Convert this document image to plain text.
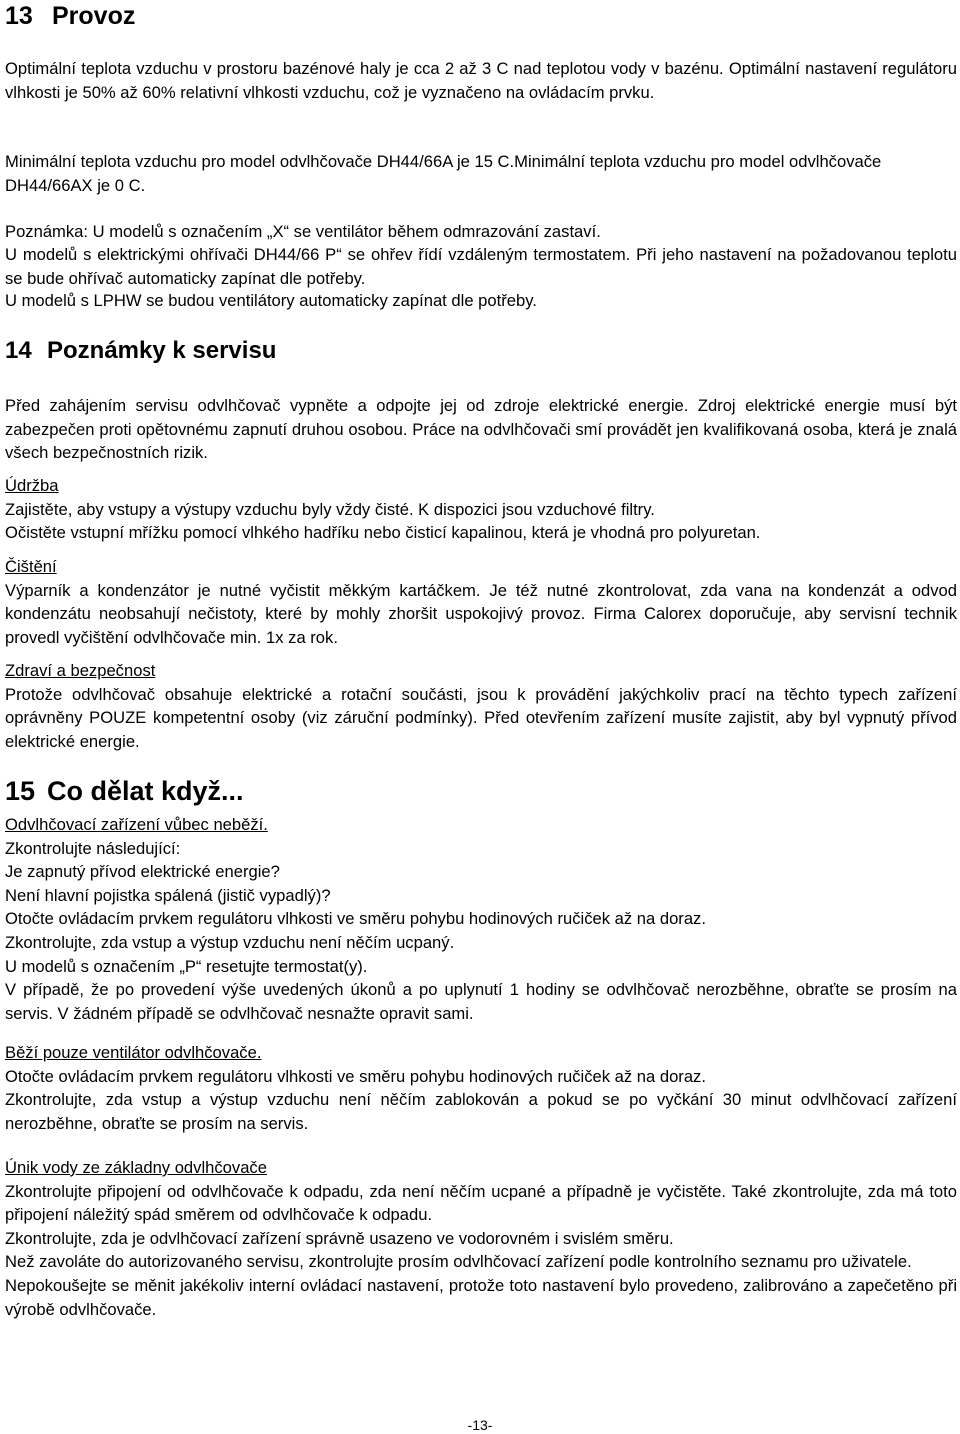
13 Provoz

Optimální teplota vzduchu v prostoru bazénové haly je cca 2 až 3 C nad teplotou vody v bazénu. Optimální nastavení regulátoru vlhkosti je 50% až 60% relativní vlhkosti vzduchu, což je vyznačeno na ovládacím prvku.

Minimální teplota vzduchu pro model odvlhčovače DH44/66A je 15 C.Minimální teplota vzduchu pro model odvlhčovače DH44/66AX je 0 C.

Poznámka: U modelů s označením „X“ se ventilátor během odmrazování zastaví.

U modelů s elektrickými ohřívači DH44/66 P“ se ohřev řídí vzdáleným termostatem. Při jeho nastavení na požadovanou teplotu se bude ohřívač automaticky zapínat dle potřeby.

U modelů s LPHW se budou ventilátory automaticky zapínat dle potřeby.

14 Poznámky k servisu

Před zahájením servisu odvlhčovač vypněte a odpojte jej od zdroje elektrické energie. Zdroj elektrické energie musí být zabezpečen proti opětovnému zapnutí druhou osobou. Práce na odvlhčovači smí provádět jen kvalifikovaná osoba, která je znalá všech bezpečnostních rizik.

Údržba
Zajistěte, aby vstupy a výstupy vzduchu byly vždy čisté. K dispozici jsou vzduchové filtry.
Očistěte vstupní mřížku pomocí vlhkého hadříku nebo čisticí kapalinou, která je vhodná pro polyuretan.
Čištění
Výparník a kondenzátor je nutné vyčistit měkkým kartáčkem. Je též nutné zkontrolovat, zda vana na kondenzát a odvod kondenzátu neobsahují nečistoty, které by mohly zhoršit uspokojivý provoz. Firma Calorex doporučuje, aby servisní technik provedl vyčištění odvlhčovače min. 1x za rok.
Zdraví a bezpečnost
Protože odvlhčovač obsahuje elektrické a rotační součásti, jsou k provádění jakýchkoliv prací na těchto typech zařízení oprávněny POUZE kompetentní osoby (viz záruční podmínky). Před otevřením zařízení musíte zajistit, aby byl vypnutý přívod elektrické energie.
15 Co dělat když...
Odvlhčovací zařízení vůbec neběží.
Zkontrolujte následující:
Je zapnutý přívod elektrické energie?
Není hlavní pojistka spálená (jistič vypadlý)?
Otočte ovládacím prvkem regulátoru vlhkosti ve směru pohybu hodinových ručiček až na doraz.
Zkontrolujte, zda vstup a výstup vzduchu není něčím ucpaný.
U modelů s označením „P“ resetujte termostat(y).
V případě, že po provedení výše uvedených úkonů a po uplynutí 1 hodiny se odvlhčovač nerozběhne, obraťte se prosím na servis. V žádném případě se odvlhčovač nesnažte opravit sami.
Běží pouze ventilátor odvlhčovače.
Otočte ovládacím prvkem regulátoru vlhkosti ve směru pohybu hodinových ručiček až na doraz.
Zkontrolujte, zda vstup a výstup vzduchu není něčím zablokován a pokud se po vyčkání 30 minut odvlhčovací zařízení nerozběhne, obraťte se prosím na servis.
Únik vody ze základny odvlhčovače
Zkontrolujte připojení od odvlhčovače k odpadu, zda není něčím ucpané a případně je vyčistěte. Také zkontrolujte, zda má toto připojení náležitý spád směrem od odvlhčovače k odpadu.
Zkontrolujte, zda je odvlhčovací zařízení správně usazeno ve vodorovném i svislém směru.
Než zavoláte do autorizovaného servisu, zkontrolujte prosím odvlhčovací zařízení podle kontrolního seznamu pro uživatele.
Nepokoušejte se měnit jakékoliv interní ovládací nastavení, protože toto nastavení bylo provedeno, zalibrováno a zapečetěno při výrobě odvlhčovače.
-13-
